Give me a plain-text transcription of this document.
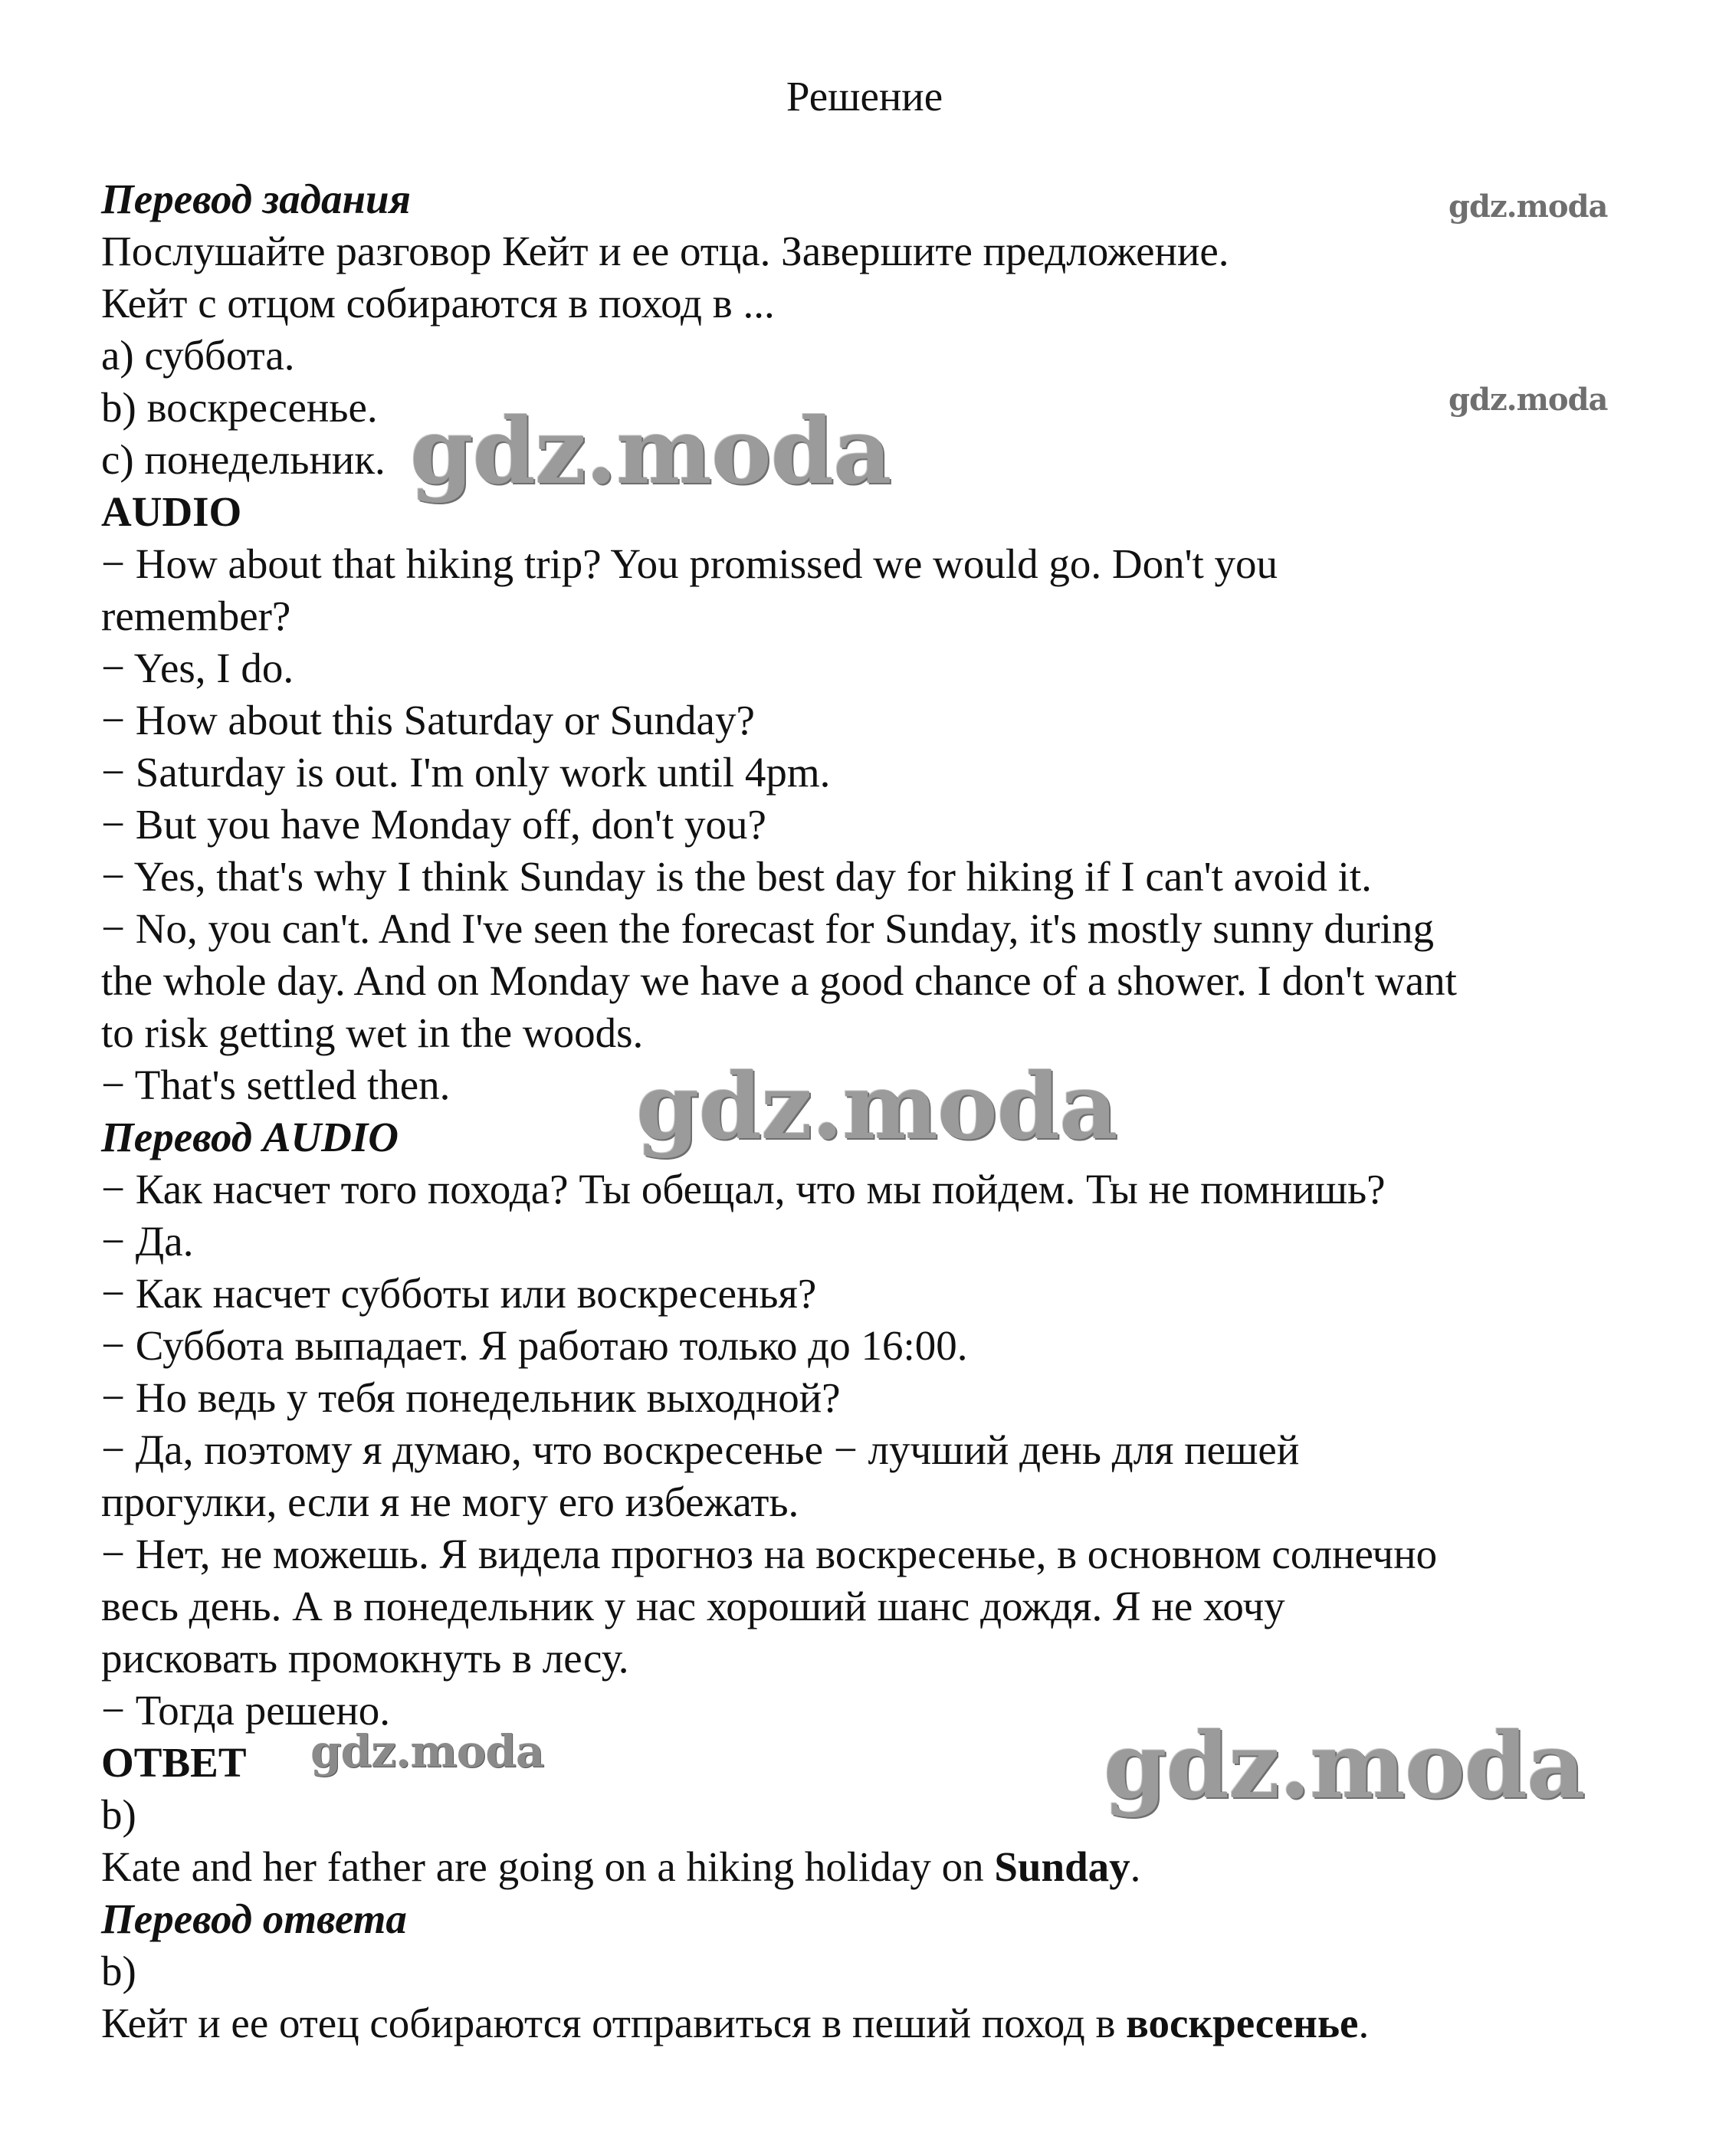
Решение
Перевод задания
Послушайте разговор Кейт и ее отца. Завершите предложение.
Кейт с отцом собираются в поход в ...
a) суббота.
b) воскресенье.
c) понедельник.
AUDIO
− How about that hiking trip? You promissed we would go. Don't you
remember?
− Yes, I do.
− How about this Saturday or Sunday?
− Saturday is out. I'm only work until 4pm.
− But you have Monday off, don't you?
− Yes, that's why I think Sunday is the best day for hiking if I can't avoid it.
− No, you can't. And I've seen the forecast for Sunday, it's mostly sunny during
the whole day. And on Monday we have a good chance of a shower. I don't want
to risk getting wet in the woods.
− That's settled then.
Перевод AUDIO
− Как насчет того похода? Ты обещал, что мы пойдем. Ты не помнишь?
− Да.
− Как насчет субботы или воскресенья?
− Суббота выпадает. Я работаю только до 16:00.
− Но ведь у тебя понедельник выходной?
− Да, поэтому я думаю, что воскресенье − лучший день для пешей
прогулки, если я не могу его избежать.
− Нет, не можешь. Я видела прогноз на воскресенье, в основном солнечно
весь день. А в понедельник у нас хороший шанс дождя. Я не хочу
рисковать промокнуть в лесу.
− Тогда решено.
ОТВЕТ
b)
Kate and her father are going on a hiking holiday on Sunday.
Перевод ответа
b)
Кейт и ее отец собираются отправиться в пеший поход в воскресенье.
gdz.moda
gdz.moda
gdz.moda
gdz.moda
gdz.moda	gdz.moda
